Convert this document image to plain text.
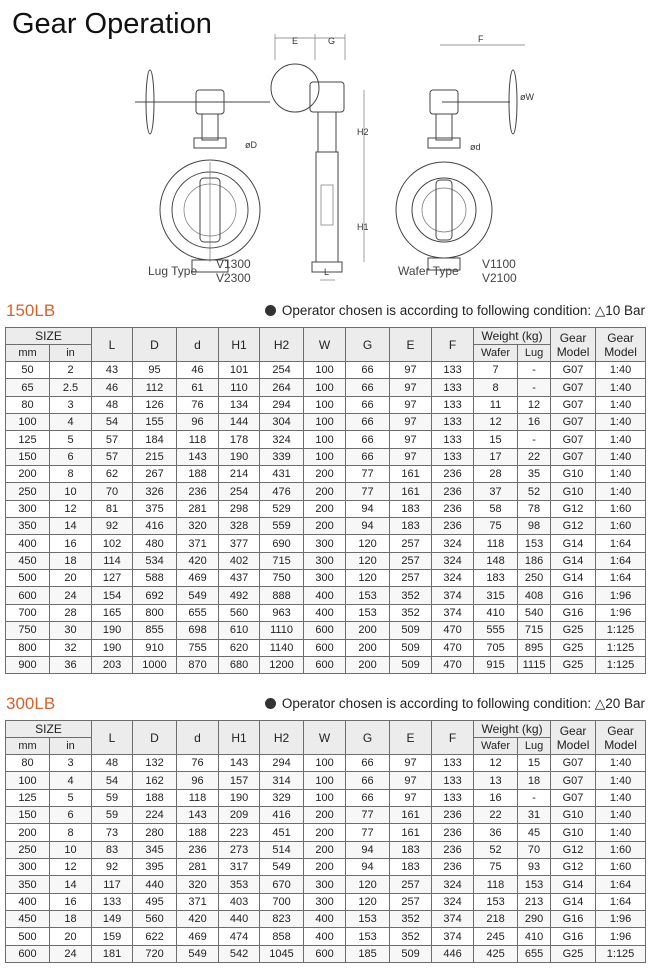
Gear Operation
øD
Lug Type V1300
V2300
E	G
L
H2
H1
F
ød
øW
Wafer Type V1100
V2100
150LB	Operator chosen is according to following condition: △10 Bar
SIZE		L	D	d	H1	H2	W	G	E	F	Weight (kg)		Gear Model	Gear Model
mm	in										Wafer	Lug		
50	2	43	95	46	101	254	100	66	97	133	7	-	G07	1:40
65	2.5	46	112	61	110	264	100	66	97	133	8	-	G07	1:40
80	3	48	126	76	134	294	100	66	97	133	11	12	G07	1:40
100	4	54	155	96	144	304	100	66	97	133	12	16	G07	1:40
125	5	57	184	118	178	324	100	66	97	133	15	-	G07	1:40
150	6	57	215	143	190	339	100	66	97	133	17	22	G07	1:40
200	8	62	267	188	214	431	200	77	161	236	28	35	G10	1:40
250	10	70	326	236	254	476	200	77	161	236	37	52	G10	1:40
300	12	81	375	281	298	529	200	94	183	236	58	78	G12	1:60
350	14	92	416	320	328	559	200	94	183	236	75	98	G12	1:60
400	16	102	480	371	377	690	300	120	257	324	118	153	G14	1:64
450	18	114	534	420	402	715	300	120	257	324	148	186	G14	1:64
500	20	127	588	469	437	750	300	120	257	324	183	250	G14	1:64
600	24	154	692	549	492	888	400	153	352	374	315	408	G16	1:96
700	28	165	800	655	560	963	400	153	352	374	410	540	G16	1:96
750	30	190	855	698	610	1110	600	200	509	470	555	715	G25	1:125
800	32	190	910	755	620	1140	600	200	509	470	705	895	G25	1:125
900	36	203	1000	870	680	1200	600	200	509	470	915	1115	G25	1:125
300LB	Operator chosen is according to following condition: △20 Bar
SIZE		L	D	d	H1	H2	W	G	E	F	Weight (kg)		Gear Model	Gear Model
mm	in										Wafer	Lug		
80	3	48	132	76	143	294	100	66	97	133	12	15	G07	1:40
100	4	54	162	96	157	314	100	66	97	133	13	18	G07	1:40
125	5	59	188	118	190	329	100	66	97	133	16	-	G07	1:40
150	6	59	224	143	209	416	200	77	161	236	22	31	G10	1:40
200	8	73	280	188	223	451	200	77	161	236	36	45	G10	1:40
250	10	83	345	236	273	514	200	94	183	236	52	70	G12	1:60
300	12	92	395	281	317	549	200	94	183	236	75	93	G12	1:60
350	14	117	440	320	353	670	300	120	257	324	118	153	G14	1:64
400	16	133	495	371	403	700	300	120	257	324	153	213	G14	1:64
450	18	149	560	420	440	823	400	153	352	374	218	290	G16	1:96
500	20	159	622	469	474	858	400	153	352	374	245	410	G16	1:96
600	24	181	720	549	542	1045	600	185	509	446	425	655	G25	1:125
